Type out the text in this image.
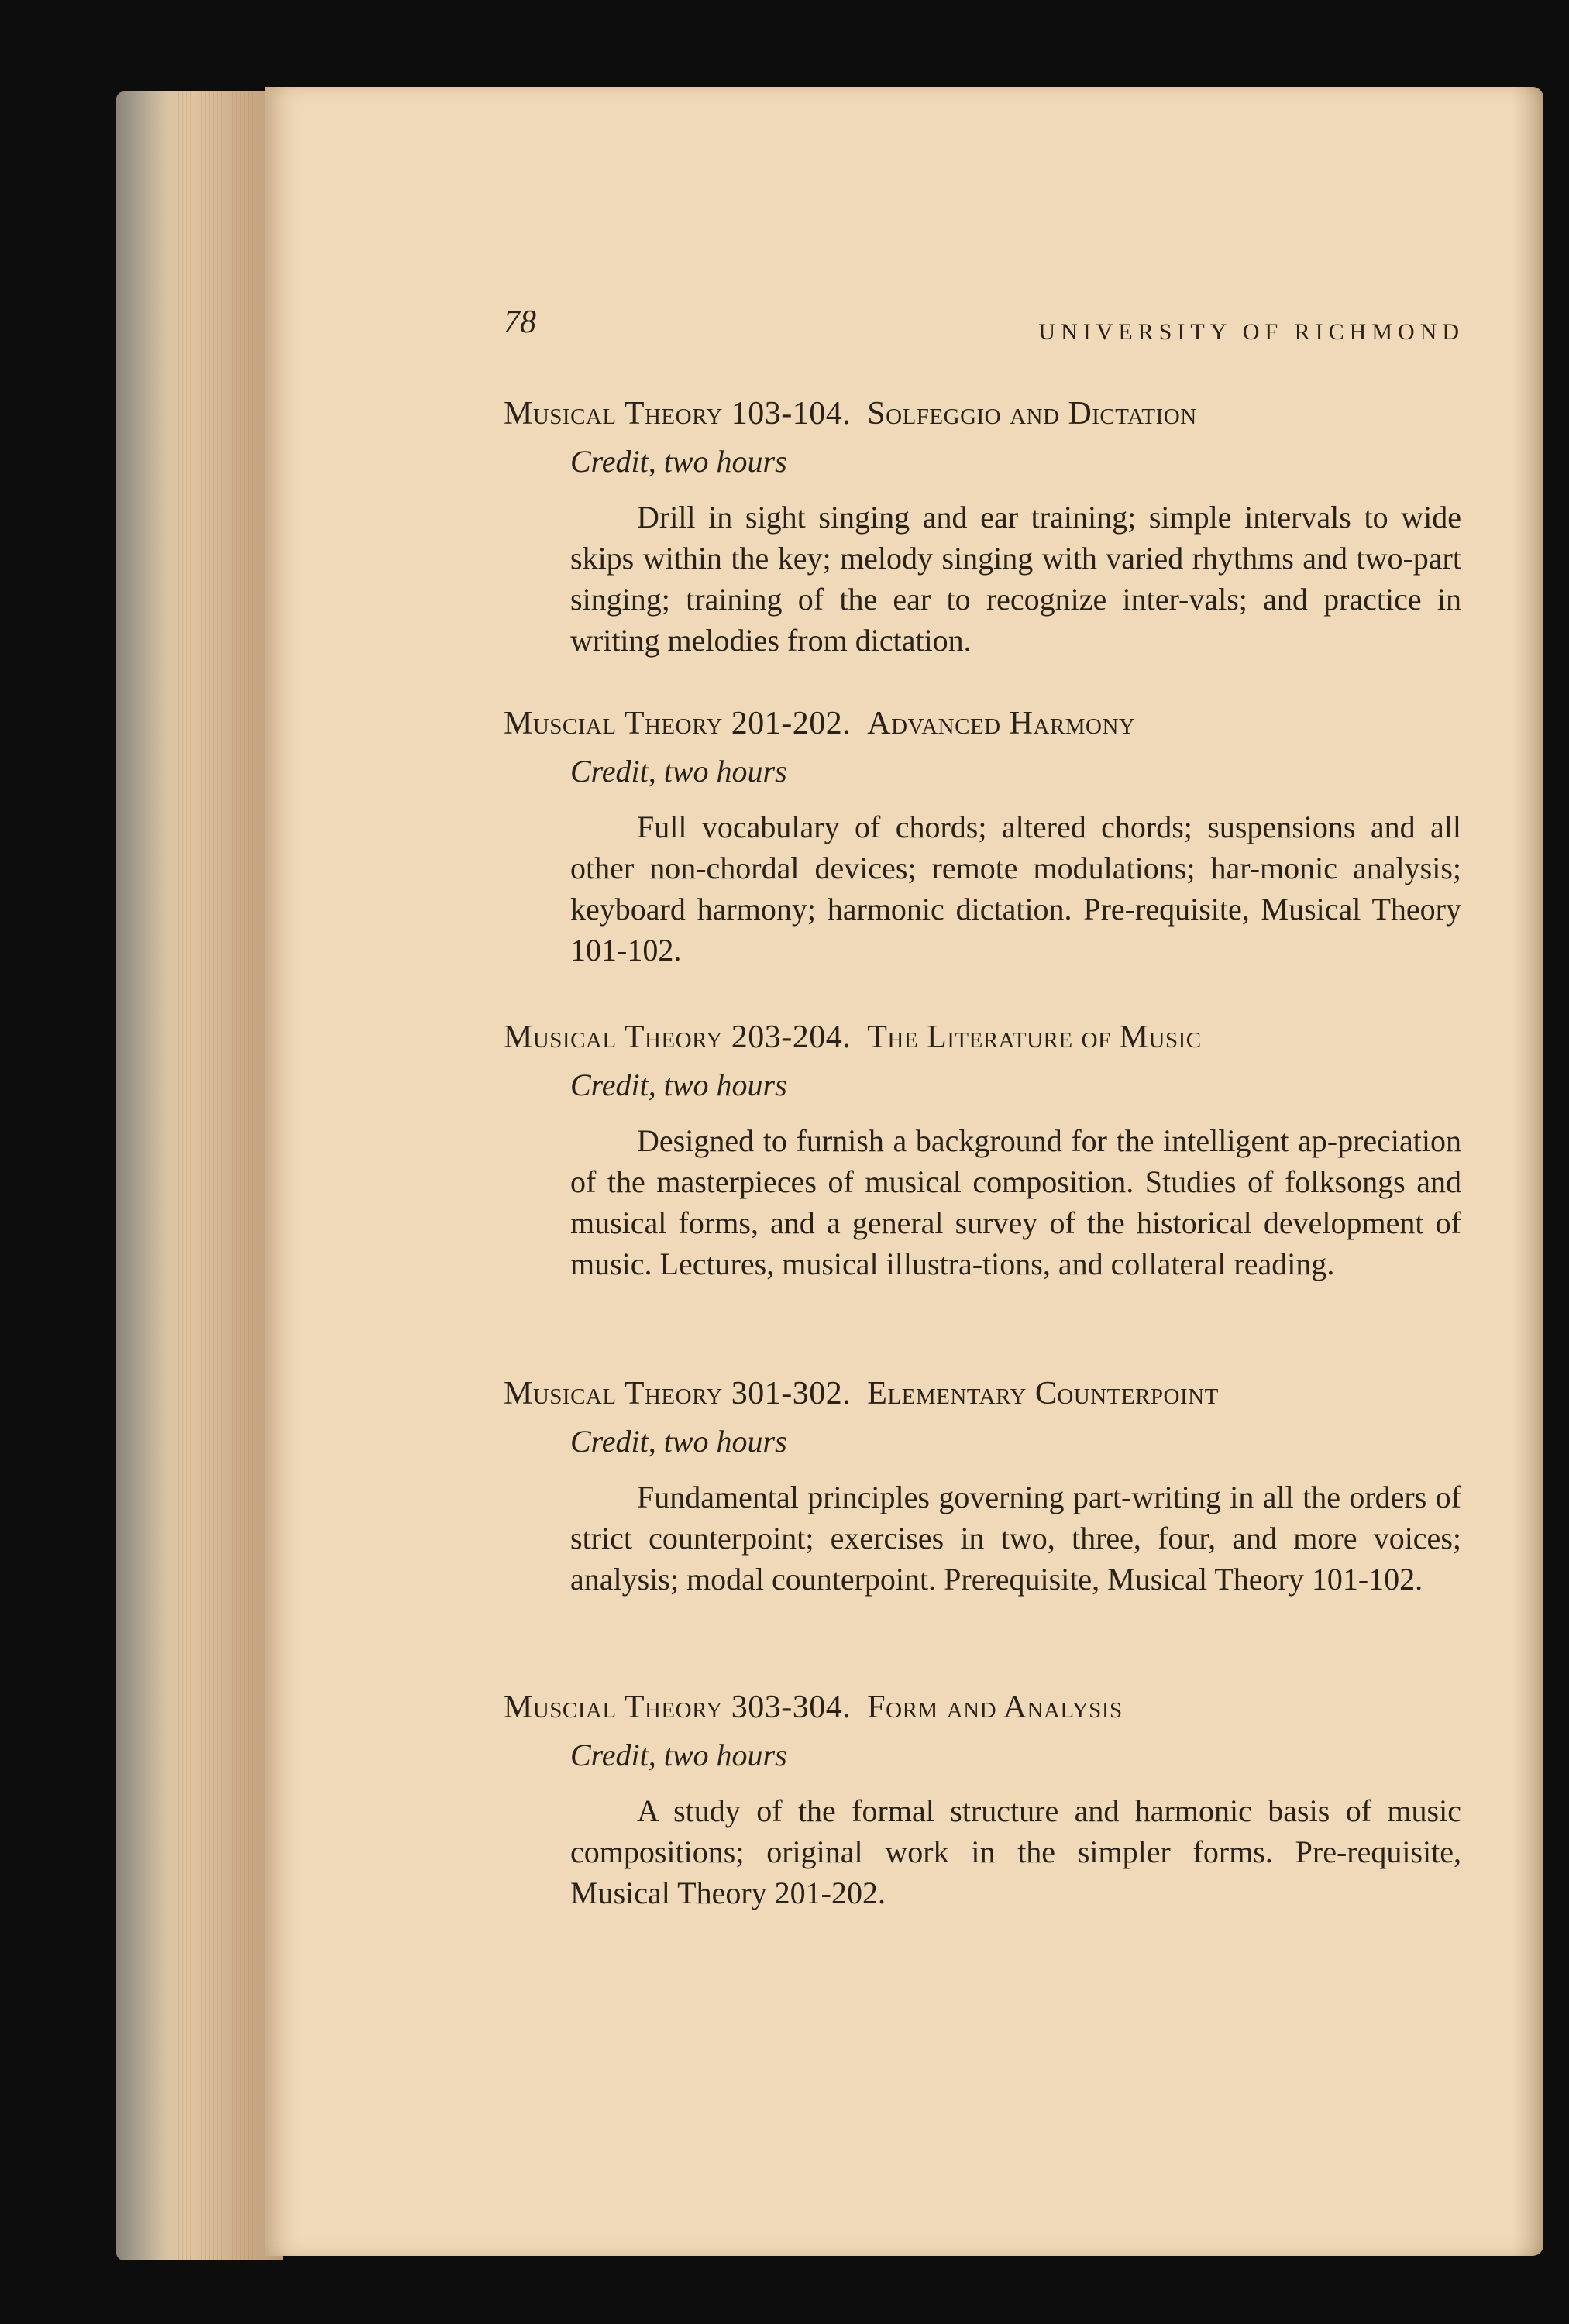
78	UNIVERSITY OF RICHMOND
Musical Theory 103-104. Solfeggio and Dictation
Credit, two hours
Drill in sight singing and ear training; simple intervals to wide skips within the key; melody singing with varied rhythms and two-part singing; training of the ear to recognize inter-vals; and practice in writing melodies from dictation.
Muscial Theory 201-202. Advanced Harmony
Credit, two hours
Full vocabulary of chords; altered chords; suspensions and all other non-chordal devices; remote modulations; har-monic analysis; keyboard harmony; harmonic dictation. Pre-requisite, Musical Theory 101-102.
Musical Theory 203-204. The Literature of Music
Credit, two hours
Designed to furnish a background for the intelligent ap-preciation of the masterpieces of musical composition. Studies of folksongs and musical forms, and a general survey of the historical development of music. Lectures, musical illustra-tions, and collateral reading.
Musical Theory 301-302. Elementary Counterpoint
Credit, two hours
Fundamental principles governing part-writing in all the orders of strict counterpoint; exercises in two, three, four, and more voices; analysis; modal counterpoint. Prerequisite, Musical Theory 101-102.
Muscial Theory 303-304. Form and Analysis
Credit, two hours
A study of the formal structure and harmonic basis of music compositions; original work in the simpler forms. Pre-requisite, Musical Theory 201-202.
